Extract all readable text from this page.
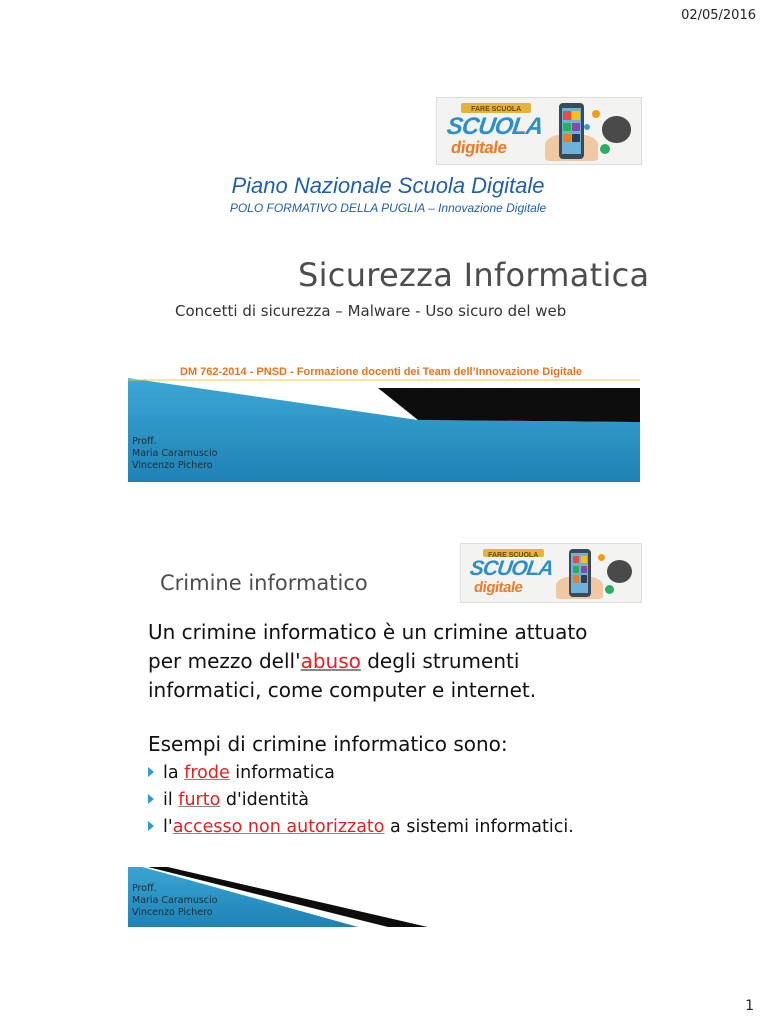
02/05/2016
FARE SCUOLA
SCUOLA
digitale
Piano Nazionale Scuola Digitale
POLO FORMATIVO DELLA PUGLIA – Innovazione Digitale
Sicurezza Informatica
Concetti di sicurezza – Malware - Uso sicuro del web
DM 762-2014 - PNSD - Formazione docenti dei Team dell’Innovazione Digitale
Proff.
Maria Caramuscio
Vincenzo Pichero
FARE SCUOLA
SCUOLA
digitale
Crimine informatico
Un crimine informatico è un crimine attuato per mezzo dell'abuso degli strumenti informatici, come computer e internet.
Esempi di crimine informatico sono:
la frode informatica
il furto d'identità
l'accesso non autorizzato a sistemi informatici.
Proff.
Maria Caramuscio
Vincenzo Pichero
1
